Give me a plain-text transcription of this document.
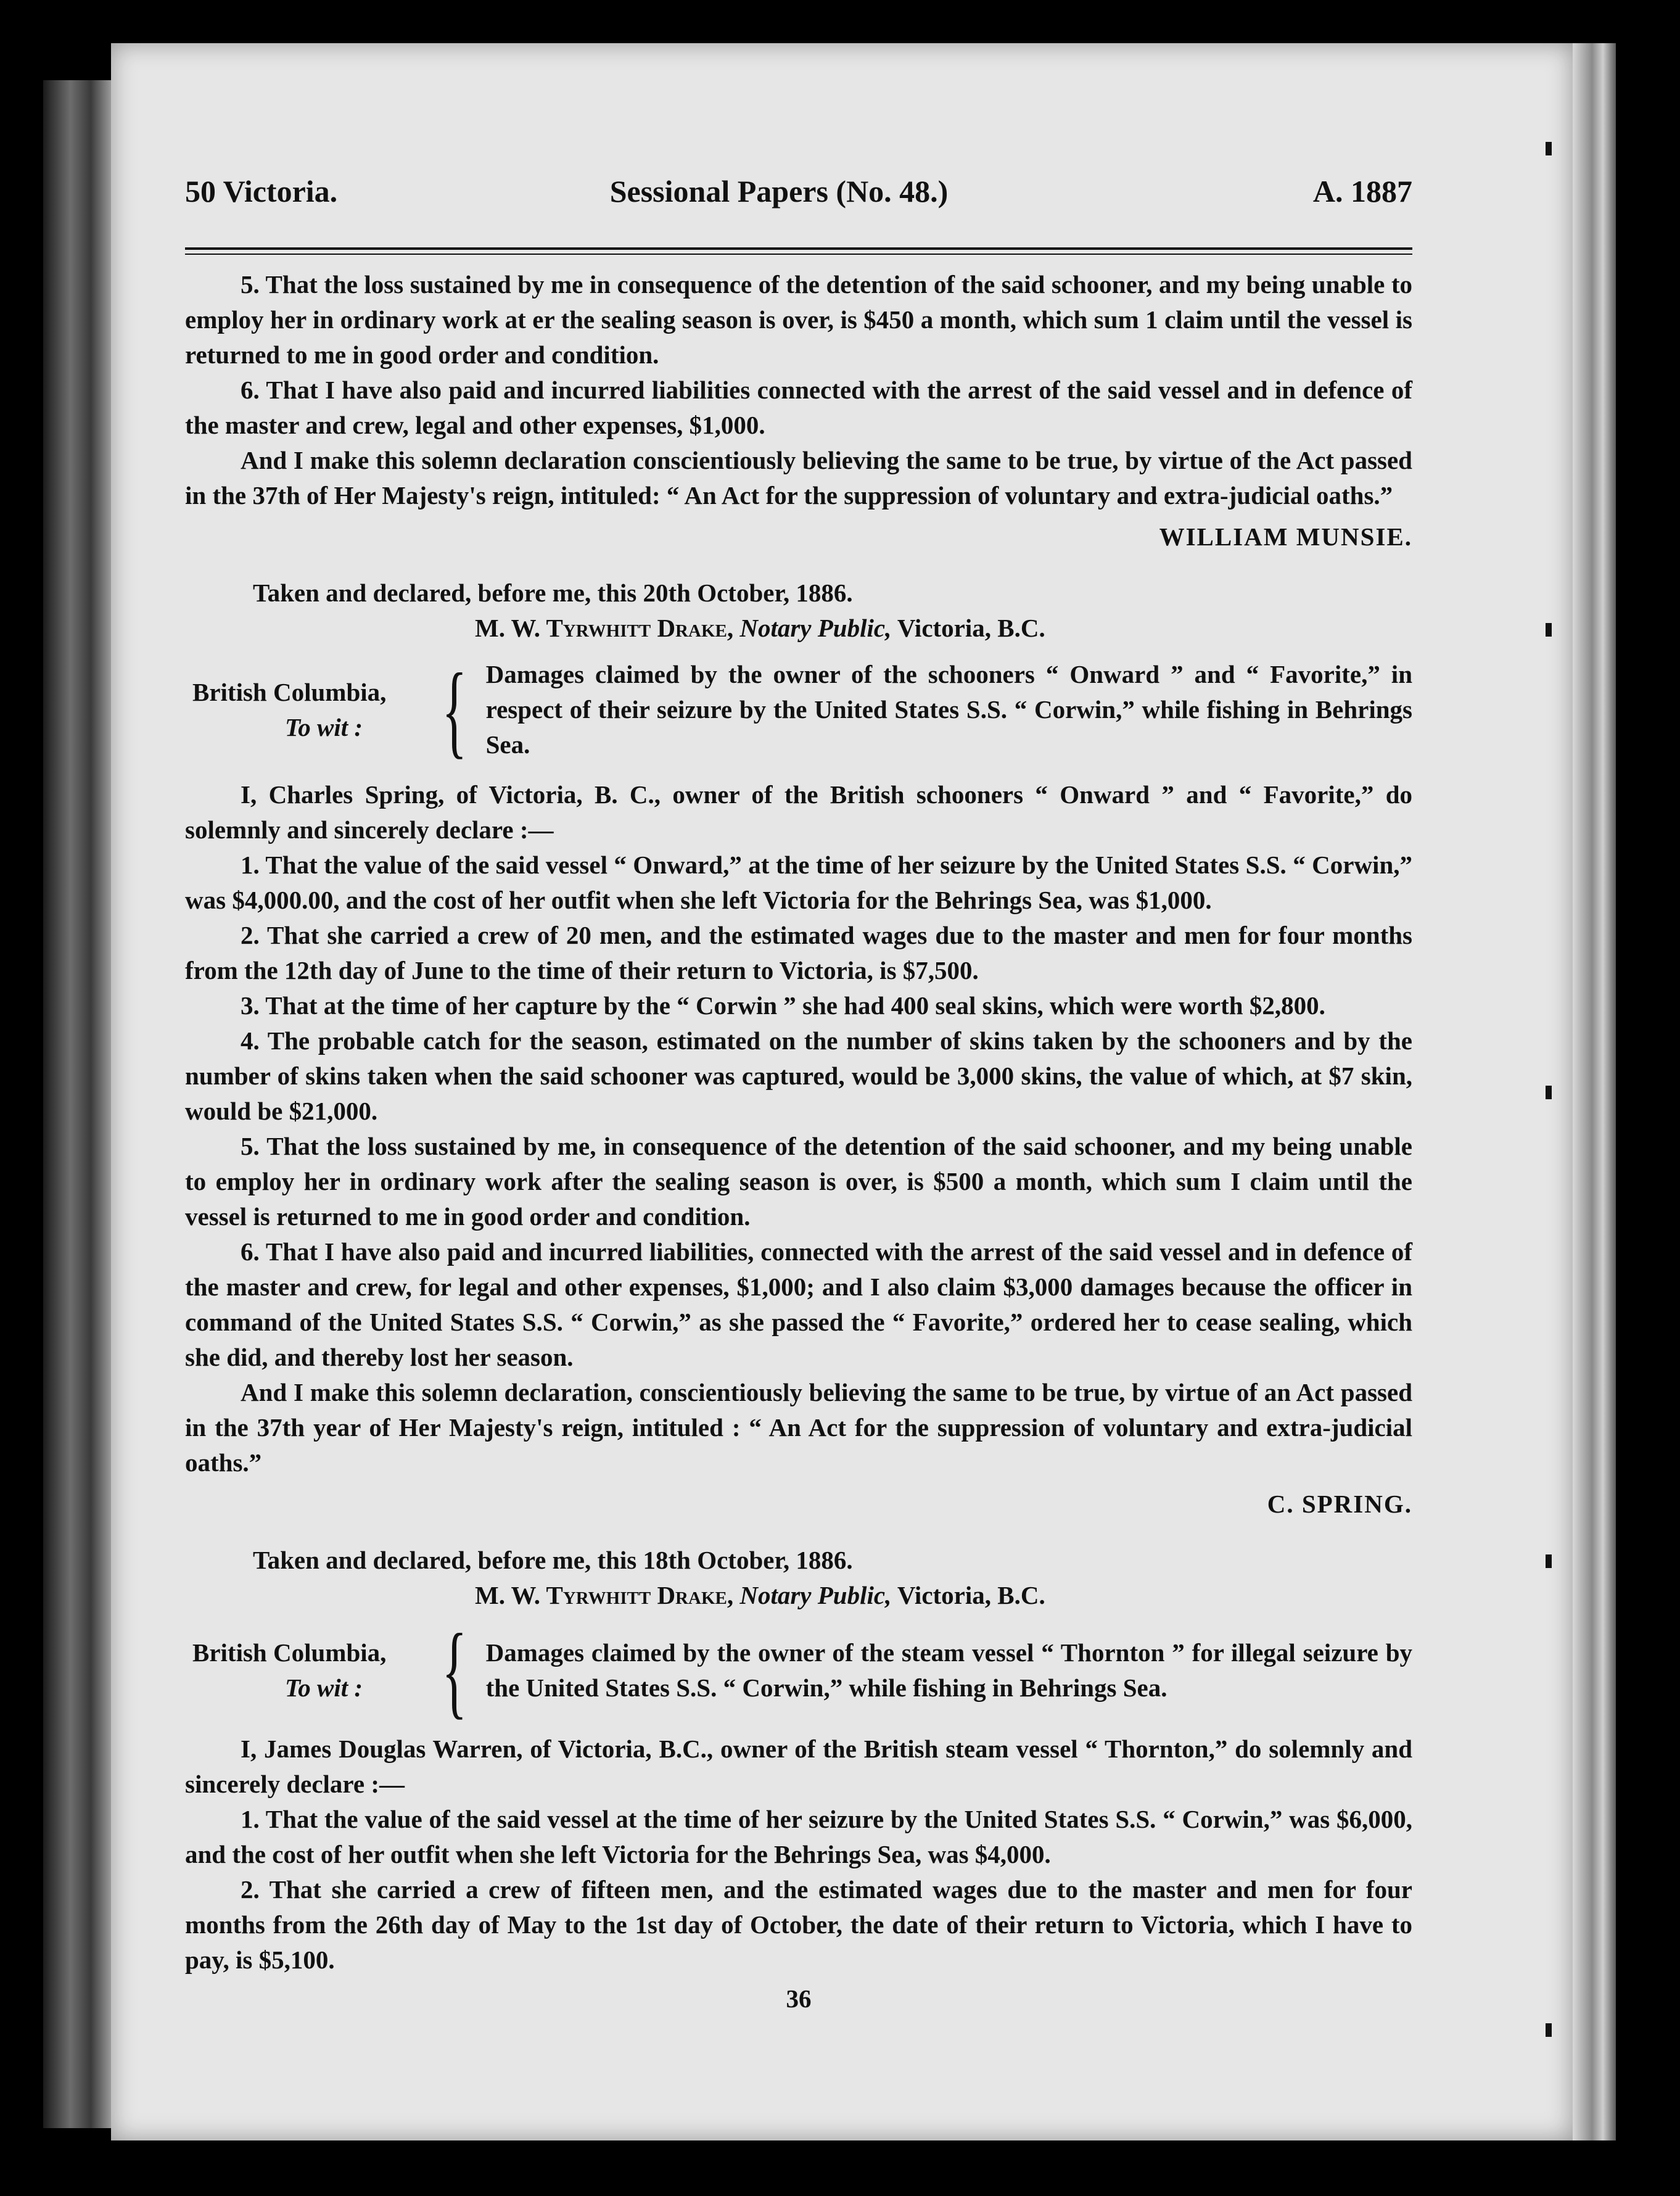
50 Victoria.	Sessional Papers (No. 48.)	A. 1887

5. That the loss sustained by me in consequence of the detention of the said schooner, and my being unable to employ her in ordinary work at er the sealing season is over, is $450 a month, which sum 1 claim until the vessel is returned to me in good order and condition.

6. That I have also paid and incurred liabilities connected with the arrest of the said vessel and in defence of the master and crew, legal and other expenses, $1,000.

And I make this solemn declaration conscientiously believing the same to be true, by virtue of the Act passed in the 37th of Her Majesty's reign, intituled: “ An Act for the suppression of voluntary and extra-judicial oaths.”

WILLIAM MUNSIE.
Taken and declared, before me, this 20th October, 1886.
M. W. Tyrwhitt Drake, Notary Public, Victoria, B.C.
British Columbia,
To wit : { Damages claimed by the owner of the schooners “ Onward ” and “ Favorite,” in respect of their seizure by the United States S.S. “ Corwin,” while fishing in Behrings Sea.

I, Charles Spring, of Victoria, B. C., owner of the British schooners “ Onward ” and “ Favorite,” do solemnly and sincerely declare :—

1. That the value of the said vessel “ Onward,” at the time of her seizure by the United States S.S. “ Corwin,” was $4,000.00, and the cost of her outfit when she left Victoria for the Behrings Sea, was $1,000.

2. That she carried a crew of 20 men, and the estimated wages due to the master and men for four months from the 12th day of June to the time of their return to Victoria, is $7,500.

3. That at the time of her capture by the “ Corwin ” she had 400 seal skins, which were worth $2,800.

4. The probable catch for the season, estimated on the number of skins taken by the schooners and by the number of skins taken when the said schooner was captured, would be 3,000 skins, the value of which, at $7 skin, would be $21,000.

5. That the loss sustained by me, in consequence of the detention of the said schooner, and my being unable to employ her in ordinary work after the sealing season is over, is $500 a month, which sum I claim until the vessel is returned to me in good order and condition.

6. That I have also paid and incurred liabilities, connected with the arrest of the said vessel and in defence of the master and crew, for legal and other expenses, $1,000; and I also claim $3,000 damages because the officer in command of the United States S.S. “ Corwin,” as she passed the “ Favorite,” ordered her to cease sealing, which she did, and thereby lost her season.

And I make this solemn declaration, conscientiously believing the same to be true, by virtue of an Act passed in the 37th year of Her Majesty's reign, intituled : “ An Act for the suppression of voluntary and extra-judicial oaths.”

C. SPRING.
Taken and declared, before me, this 18th October, 1886.
M. W. Tyrwhitt Drake, Notary Public, Victoria, B.C.
British Columbia,
To wit : { Damages claimed by the owner of the steam vessel “ Thornton ” for illegal seizure by the United States S.S. “ Corwin,” while fishing in Behrings Sea.

I, James Douglas Warren, of Victoria, B.C., owner of the British steam vessel “ Thornton,” do solemnly and sincerely declare :—

1. That the value of the said vessel at the time of her seizure by the United States S.S. “ Corwin,” was $6,000, and the cost of her outfit when she left Victoria for the Behrings Sea, was $4,000.

2. That she carried a crew of fifteen men, and the estimated wages due to the master and men for four months from the 26th day of May to the 1st day of October, the date of their return to Victoria, which I have to pay, is $5,100.

36
